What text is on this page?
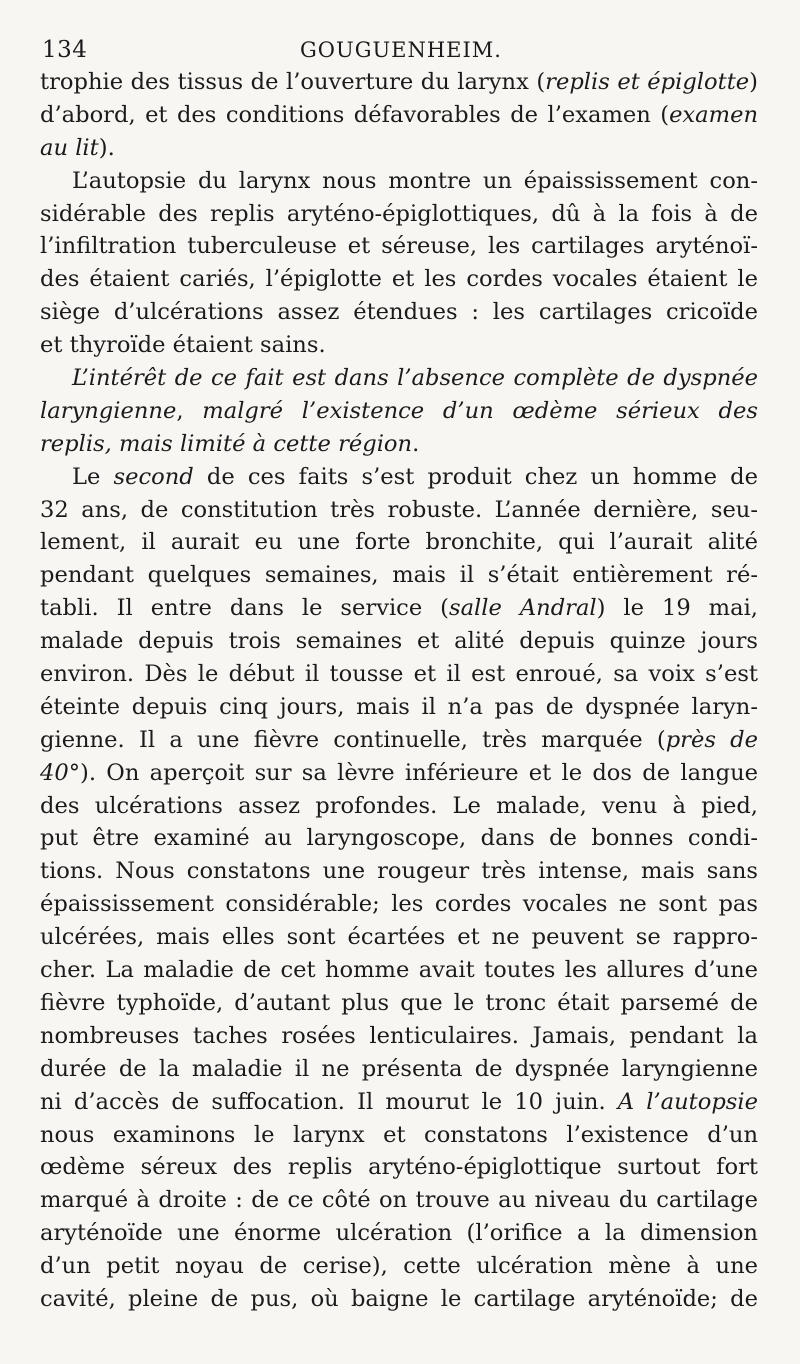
134	GOUGUENHEIM.
trophie des tissus de l’ouverture du larynx (replis et épiglotte)
d’abord, et des conditions défavorables de l’examen (examen
au lit).
L’autopsie du larynx nous montre un épaississement con-
sidérable des replis aryténo-épiglottiques, dû à la fois à de
l’infiltration tuberculeuse et séreuse, les cartilages aryténoï-
des étaient cariés, l’épiglotte et les cordes vocales étaient le
siège d’ulcérations assez étendues : les cartilages cricoïde
et thyroïde étaient sains.
L’intérêt de ce fait est dans l’absence complète de dyspnée
laryngienne, malgré l’existence d’un œdème sérieux des
replis, mais limité à cette région.
Le second de ces faits s’est produit chez un homme de
32 ans, de constitution très robuste. L’année dernière, seu-
lement, il aurait eu une forte bronchite, qui l’aurait alité
pendant quelques semaines, mais il s’était entièrement ré-
tabli. Il entre dans le service (salle Andral) le 19 mai,
malade depuis trois semaines et alité depuis quinze jours
environ. Dès le début il tousse et il est enroué, sa voix s’est
éteinte depuis cinq jours, mais il n’a pas de dyspnée laryn-
gienne. Il a une fièvre continuelle, très marquée (près de
40°). On aperçoit sur sa lèvre inférieure et le dos de langue
des ulcérations assez profondes. Le malade, venu à pied,
put être examiné au laryngoscope, dans de bonnes condi-
tions. Nous constatons une rougeur très intense, mais sans
épaississement considérable; les cordes vocales ne sont pas
ulcérées, mais elles sont écartées et ne peuvent se rappro-
cher. La maladie de cet homme avait toutes les allures d’une
fièvre typhoïde, d’autant plus que le tronc était parsemé de
nombreuses taches rosées lenticulaires. Jamais, pendant la
durée de la maladie il ne présenta de dyspnée laryngienne
ni d’accès de suffocation. Il mourut le 10 juin. A l’autopsie
nous examinons le larynx et constatons l’existence d’un
œdème séreux des replis aryténo-épiglottique surtout fort
marqué à droite : de ce côté on trouve au niveau du cartilage
aryténoïde une énorme ulcération (l’orifice a la dimension
d’un petit noyau de cerise), cette ulcération mène à une
cavité, pleine de pus, où baigne le cartilage aryténoïde; de
